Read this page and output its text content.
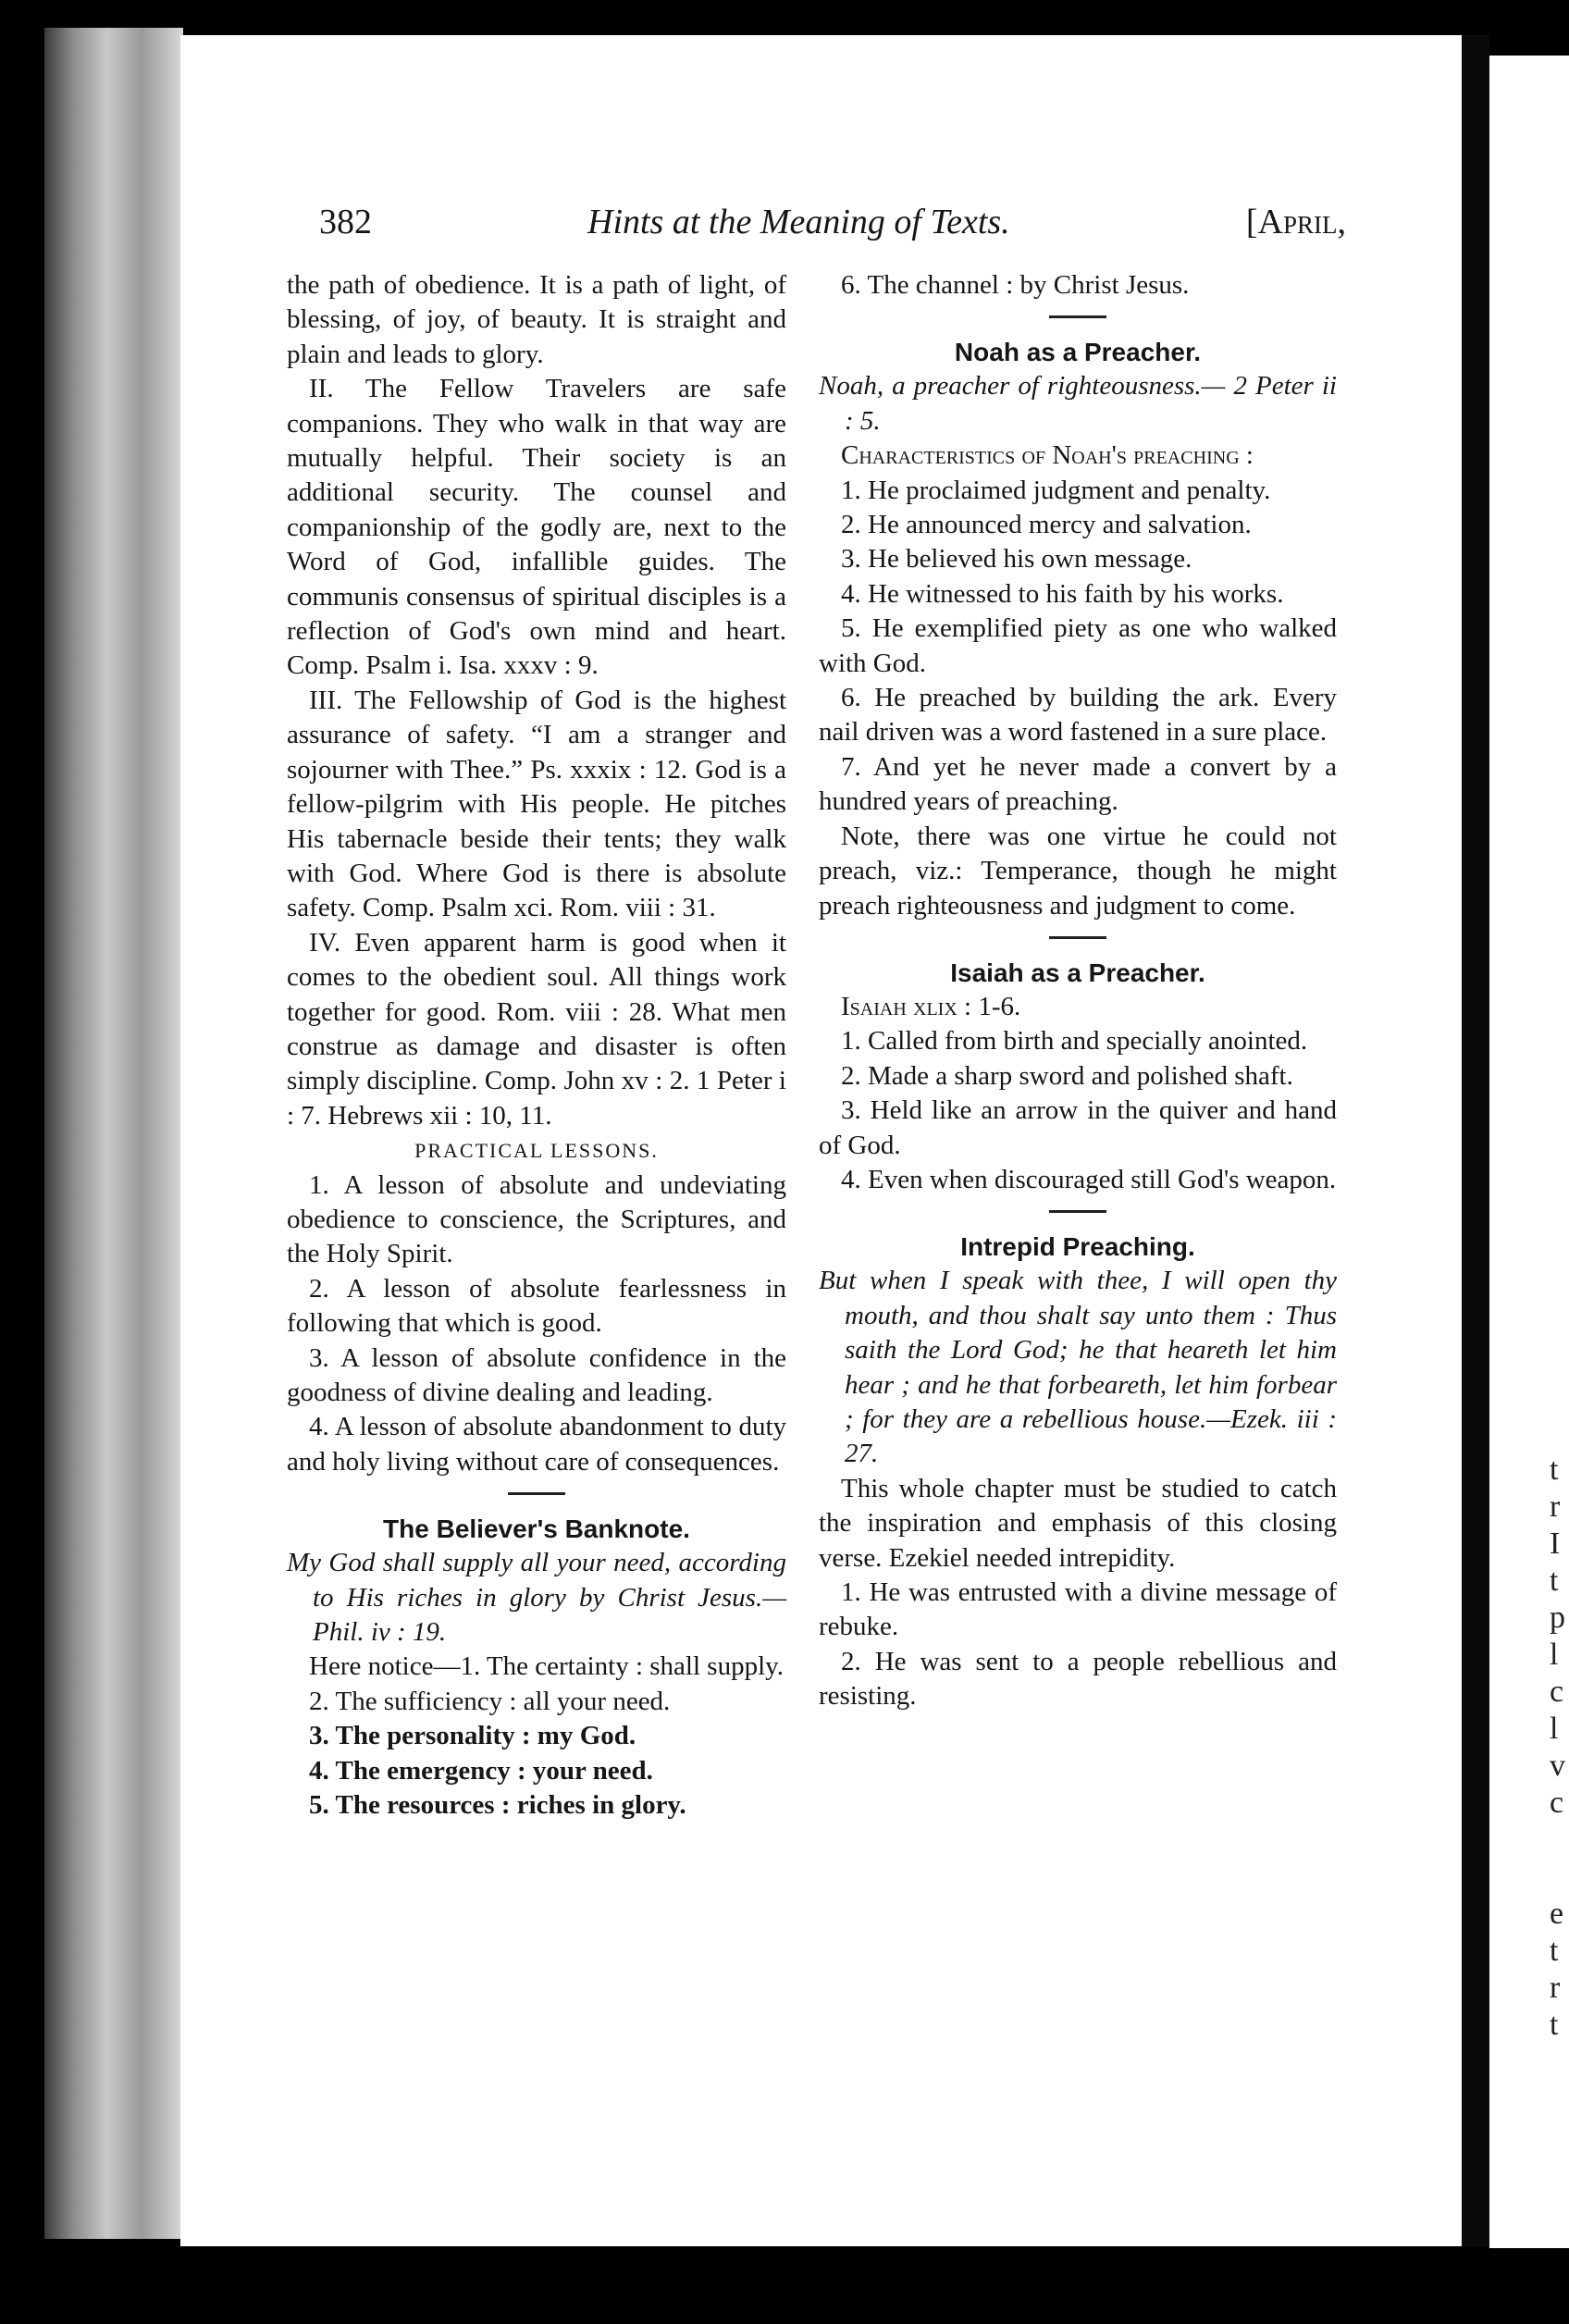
t
r
I
t
p
l
c
l
v
c
e
t
r
t
382	Hints at the Meaning of Texts.	[April,

the path of obedience. It is a path of light, of blessing, of joy, of beauty. It is straight and plain and leads to glory.

II. The Fellow Travelers are safe companions. They who walk in that way are mutually helpful. Their society is an additional security. The counsel and companionship of the godly are, next to the Word of God, infallible guides. The communis consensus of spiritual disciples is a reflection of God's own mind and heart. Comp. Psalm i. Isa. xxxv : 9.

III. The Fellowship of God is the highest assurance of safety. “I am a stranger and sojourner with Thee.” Ps. xxxix : 12. God is a fellow-pilgrim with His people. He pitches His tabernacle beside their tents; they walk with God. Where God is there is absolute safety. Comp. Psalm xci. Rom. viii : 31.

IV. Even apparent harm is good when it comes to the obedient soul. All things work together for good. Rom. viii : 28. What men construe as damage and disaster is often simply discipline. Comp. John xv : 2. 1 Peter i : 7. Hebrews xii : 10, 11.

PRACTICAL LESSONS.

1. A lesson of absolute and undeviating obedience to conscience, the Scriptures, and the Holy Spirit.

2. A lesson of absolute fearlessness in following that which is good.

3. A lesson of absolute confidence in the goodness of divine dealing and leading.

4. A lesson of absolute abandonment to duty and holy living without care of consequences.

The Believer's Banknote.

My God shall supply all your need, according to His riches in glory by Christ Jesus.—Phil. iv : 19.

Here notice—1. The certainty : shall supply.

2. The sufficiency : all your need.

3. The personality : my God.

4. The emergency : your need.

5. The resources : riches in glory.

6. The channel : by Christ Jesus.

Noah as a Preacher.

Noah, a preacher of righteousness.— 2 Peter ii : 5.

Characteristics of Noah's preaching :

1. He proclaimed judgment and penalty.

2. He announced mercy and salvation.

3. He believed his own message.

4. He witnessed to his faith by his works.

5. He exemplified piety as one who walked with God.

6. He preached by building the ark. Every nail driven was a word fastened in a sure place.

7. And yet he never made a convert by a hundred years of preaching.

Note, there was one virtue he could not preach, viz.: Temperance, though he might preach righteousness and judgment to come.

Isaiah as a Preacher.

Isaiah xlix : 1-6.

1. Called from birth and specially anointed.

2. Made a sharp sword and polished shaft.

3. Held like an arrow in the quiver and hand of God.

4. Even when discouraged still God's weapon.

Intrepid Preaching.

But when I speak with thee, I will open thy mouth, and thou shalt say unto them : Thus saith the Lord God; he that heareth let him hear ; and he that forbeareth, let him forbear ; for they are a rebellious house.—Ezek. iii : 27.

This whole chapter must be studied to catch the inspiration and emphasis of this closing verse. Ezekiel needed intrepidity.

1. He was entrusted with a divine message of rebuke.

2. He was sent to a people rebellious and resisting.
